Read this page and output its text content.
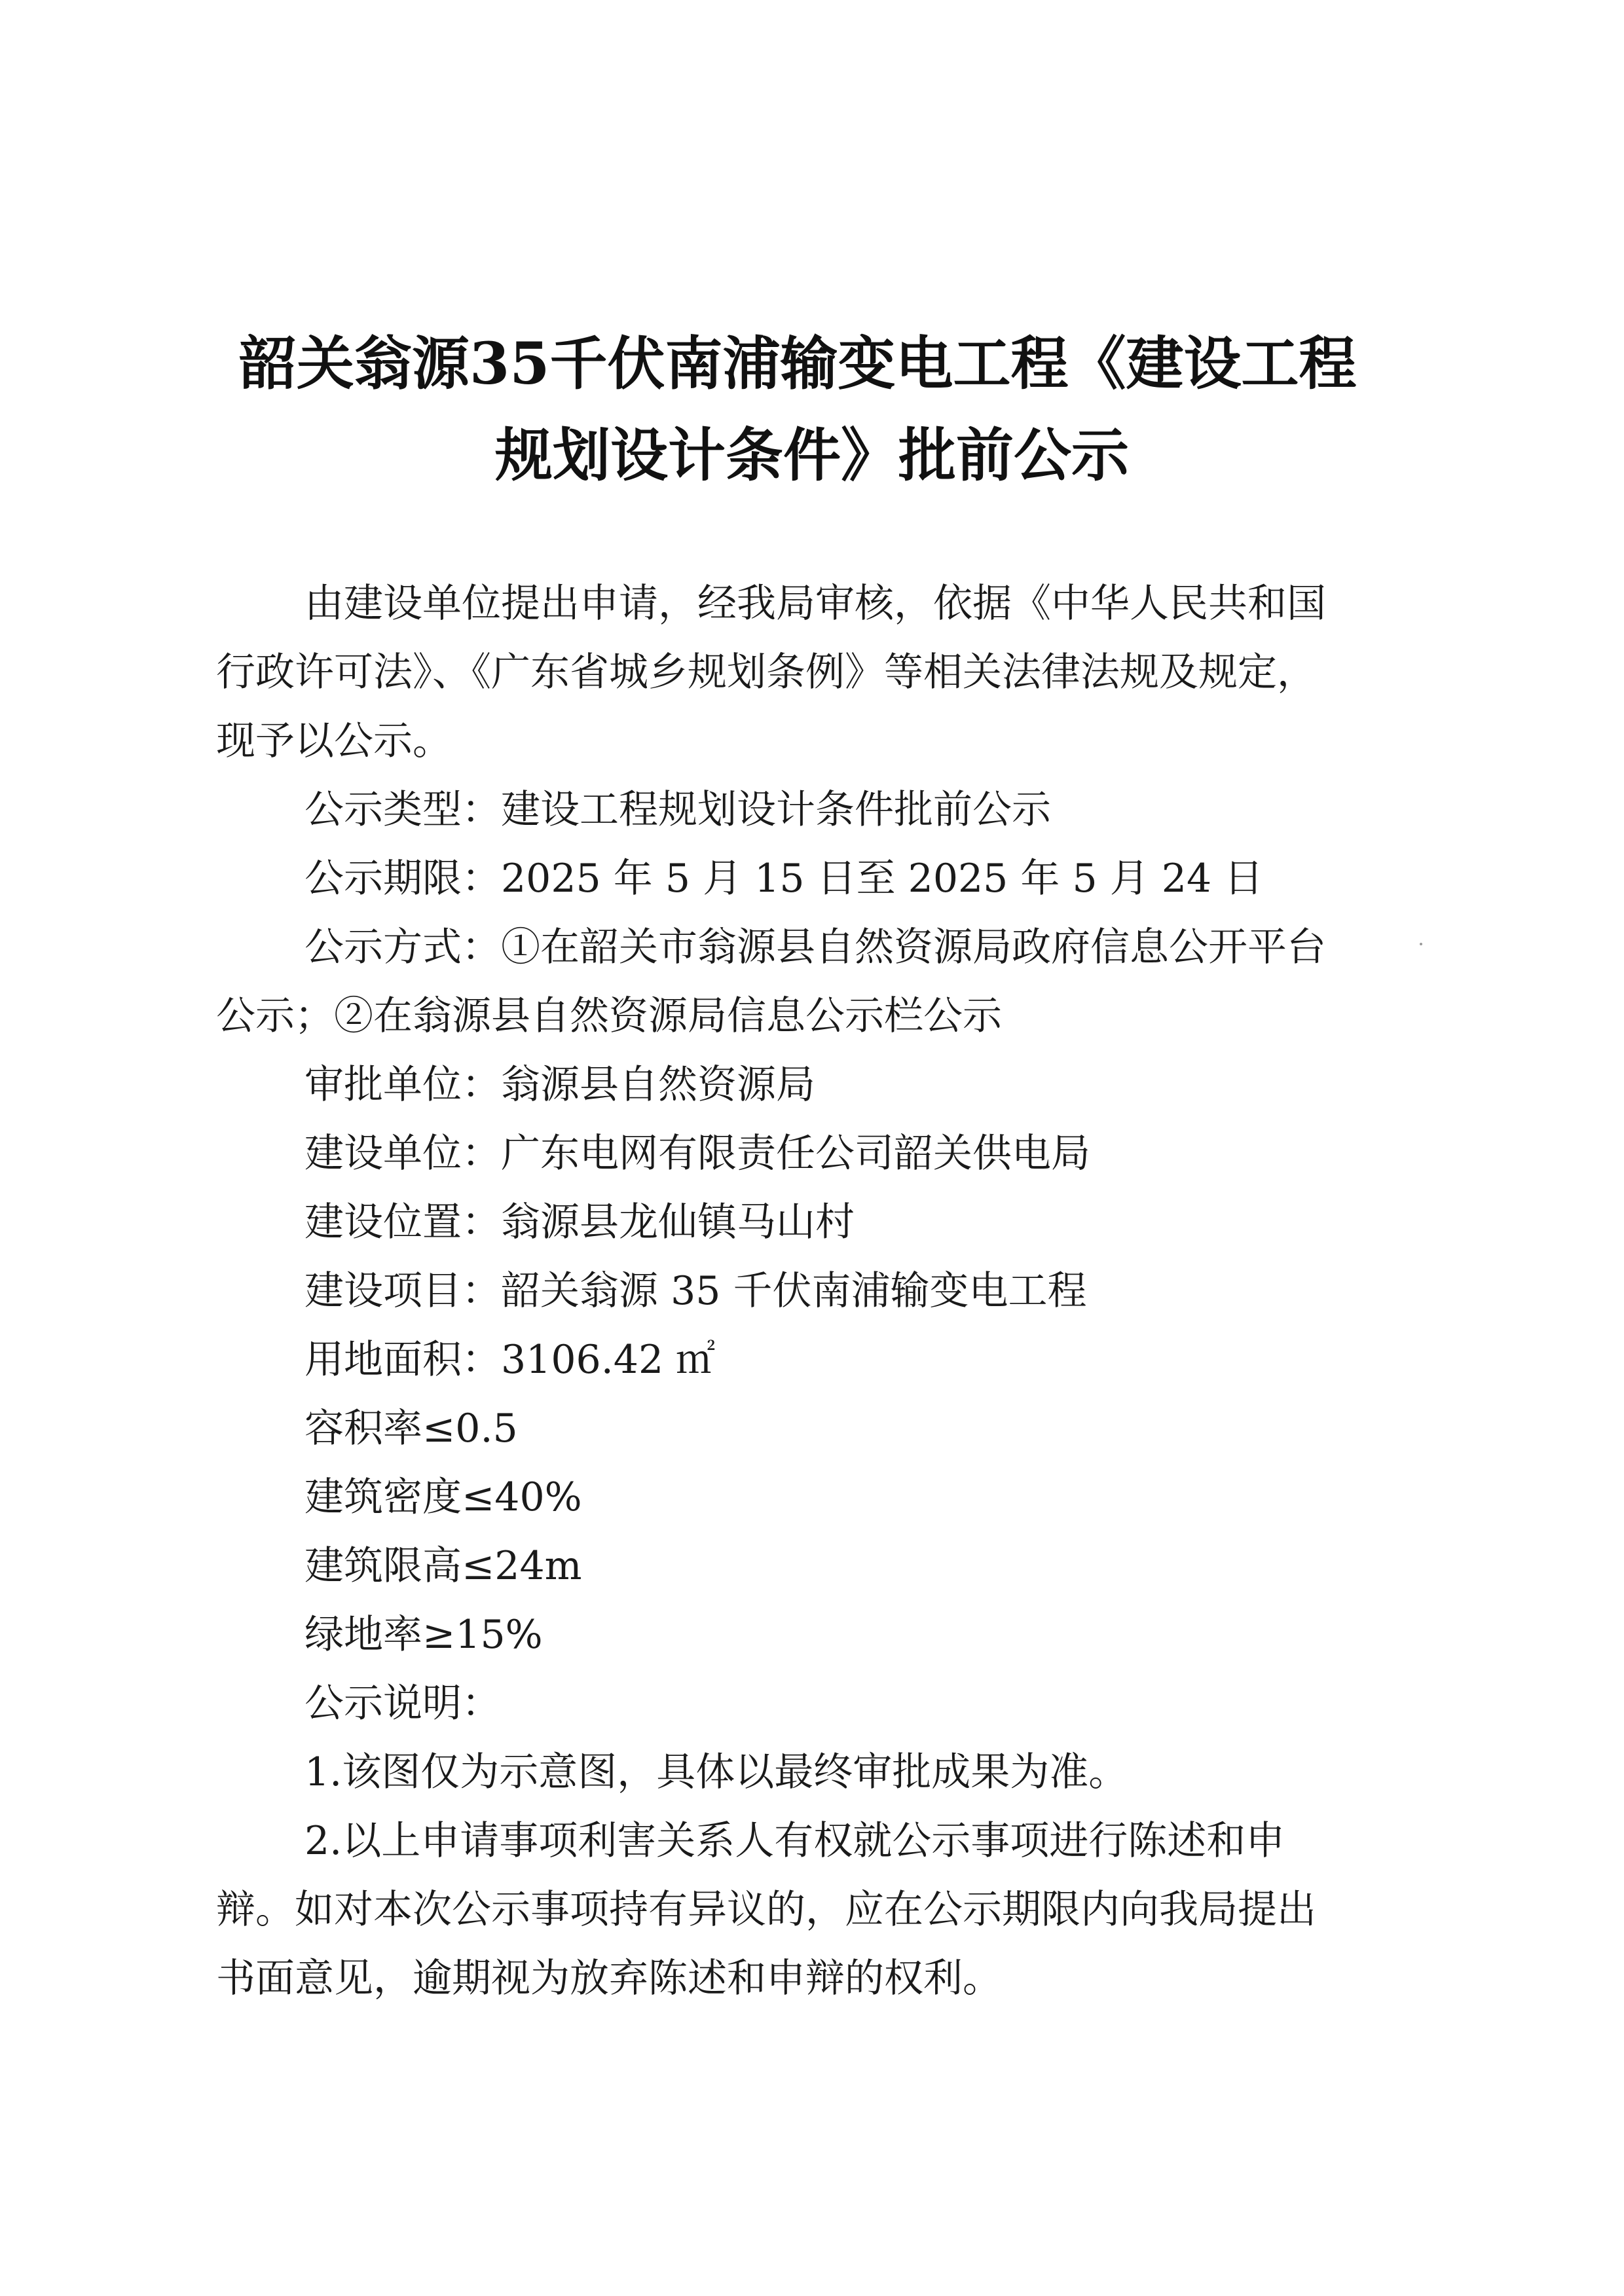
韶关翁源35千伏南浦输变电工程《建设工程
规划设计条件》批前公示

由建设单位提出申请，经我局审核，依据《中华人民共和国

行政许可法》、《广东省城乡规划条例》等相关法律法规及规定，

现予以公示。

公示类型：建设工程规划设计条件批前公示

公示期限：2025 年 5 月 15 日至 2025 年 5 月 24 日

公示方式：①在韶关市翁源县自然资源局政府信息公开平台

公示；②在翁源县自然资源局信息公示栏公示

审批单位：翁源县自然资源局

建设单位：广东电网有限责任公司韶关供电局

建设位置：翁源县龙仙镇马山村

建设项目：韶关翁源 35 千伏南浦输变电工程

用地面积：3106.42 ㎡

容积率≤0.5

建筑密度≤40%

建筑限高≤24m

绿地率≥15%

公示说明：

1.该图仅为示意图，具体以最终审批成果为准。

2.以上申请事项利害关系人有权就公示事项进行陈述和申

辩。如对本次公示事项持有异议的，应在公示期限内向我局提出

书面意见，逾期视为放弃陈述和申辩的权利。
